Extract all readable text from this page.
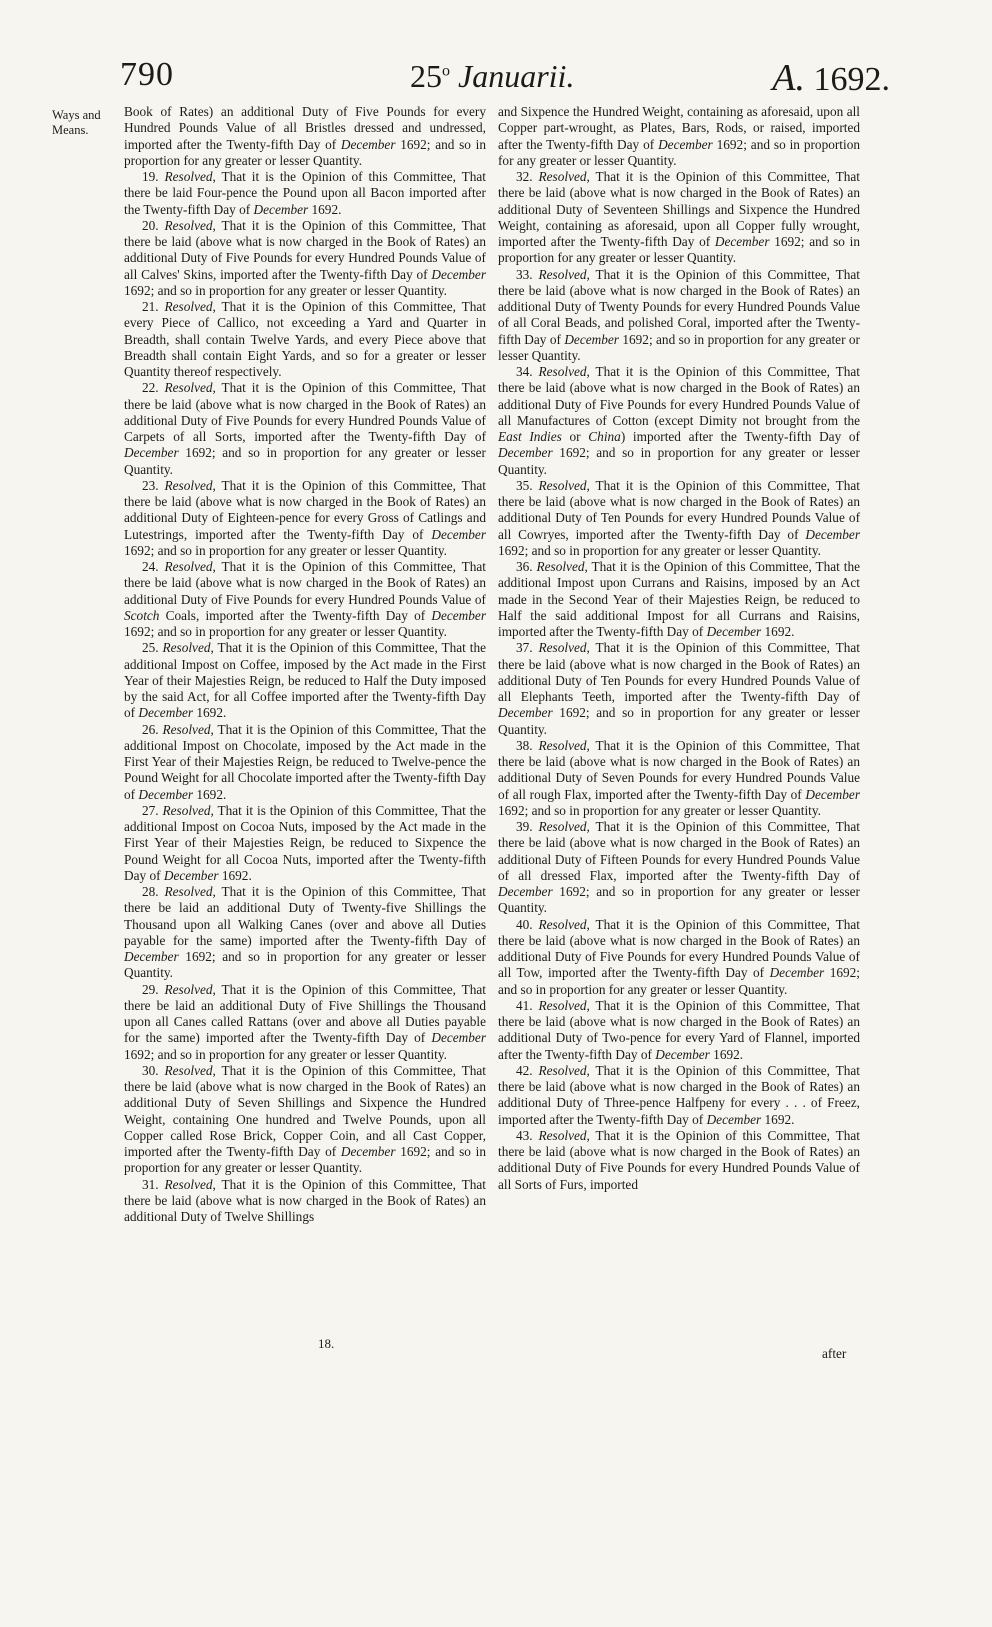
790	25$^o$ Januarii.	A. 1692.
Ways and
Means.

Book of Rates) an additional Duty of Five Pounds for every Hundred Pounds Value of all Bristles dressed and undressed, imported after the Twenty-fifth Day of December 1692; and so in proportion for any greater or lesser Quantity.

19. Resolved, That it is the Opinion of this Committee, That there be laid Four-pence the Pound upon all Bacon imported after the Twenty-fifth Day of December 1692.

20. Resolved, That it is the Opinion of this Committee, That there be laid (above what is now charged in the Book of Rates) an additional Duty of Five Pounds for every Hundred Pounds Value of all Calves' Skins, imported after the Twenty-fifth Day of December 1692; and so in proportion for any greater or lesser Quantity.

21. Resolved, That it is the Opinion of this Committee, That every Piece of Callico, not exceeding a Yard and Quarter in Breadth, shall contain Twelve Yards, and every Piece above that Breadth shall contain Eight Yards, and so for a greater or lesser Quantity thereof respectively.

22. Resolved, That it is the Opinion of this Committee, That there be laid (above what is now charged in the Book of Rates) an additional Duty of Five Pounds for every Hundred Pounds Value of Carpets of all Sorts, imported after the Twenty-fifth Day of December 1692; and so in proportion for any greater or lesser Quantity.

23. Resolved, That it is the Opinion of this Committee, That there be laid (above what is now charged in the Book of Rates) an additional Duty of Eighteen-pence for every Gross of Catlings and Lutestrings, imported after the Twenty-fifth Day of December 1692; and so in proportion for any greater or lesser Quantity.

24. Resolved, That it is the Opinion of this Committee, That there be laid (above what is now charged in the Book of Rates) an additional Duty of Five Pounds for every Hundred Pounds Value of Scotch Coals, imported after the Twenty-fifth Day of December 1692; and so in proportion for any greater or lesser Quantity.

25. Resolved, That it is the Opinion of this Committee, That the additional Impost on Coffee, imposed by the Act made in the First Year of their Majesties Reign, be reduced to Half the Duty imposed by the said Act, for all Coffee imported after the Twenty-fifth Day of December 1692.

26. Resolved, That it is the Opinion of this Committee, That the additional Impost on Chocolate, imposed by the Act made in the First Year of their Majesties Reign, be reduced to Twelve-pence the Pound Weight for all Chocolate imported after the Twenty-fifth Day of December 1692.

27. Resolved, That it is the Opinion of this Committee, That the additional Impost on Cocoa Nuts, imposed by the Act made in the First Year of their Majesties Reign, be reduced to Sixpence the Pound Weight for all Cocoa Nuts, imported after the Twenty-fifth Day of December 1692.

28. Resolved, That it is the Opinion of this Committee, That there be laid an additional Duty of Twenty-five Shillings the Thousand upon all Walking Canes (over and above all Duties payable for the same) imported after the Twenty-fifth Day of December 1692; and so in proportion for any greater or lesser Quantity.

29. Resolved, That it is the Opinion of this Committee, That there be laid an additional Duty of Five Shillings the Thousand upon all Canes called Rattans (over and above all Duties payable for the same) imported after the Twenty-fifth Day of December 1692; and so in proportion for any greater or lesser Quantity.

30. Resolved, That it is the Opinion of this Committee, That there be laid (above what is now charged in the Book of Rates) an additional Duty of Seven Shillings and Sixpence the Hundred Weight, containing One hundred and Twelve Pounds, upon all Copper called Rose Brick, Copper Coin, and all Cast Copper, imported after the Twenty-fifth Day of December 1692; and so in proportion for any greater or lesser Quantity.

31. Resolved, That it is the Opinion of this Committee, That there be laid (above what is now charged in the Book of Rates) an additional Duty of Twelve Shillings

and Sixpence the Hundred Weight, containing as aforesaid, upon all Copper part-wrought, as Plates, Bars, Rods, or raised, imported after the Twenty-fifth Day of December 1692; and so in proportion for any greater or lesser Quantity.

32. Resolved, That it is the Opinion of this Committee, That there be laid (above what is now charged in the Book of Rates) an additional Duty of Seventeen Shillings and Sixpence the Hundred Weight, containing as aforesaid, upon all Copper fully wrought, imported after the Twenty-fifth Day of December 1692; and so in proportion for any greater or lesser Quantity.

33. Resolved, That it is the Opinion of this Committee, That there be laid (above what is now charged in the Book of Rates) an additional Duty of Twenty Pounds for every Hundred Pounds Value of all Coral Beads, and polished Coral, imported after the Twenty-fifth Day of December 1692; and so in proportion for any greater or lesser Quantity.

34. Resolved, That it is the Opinion of this Committee, That there be laid (above what is now charged in the Book of Rates) an additional Duty of Five Pounds for every Hundred Pounds Value of all Manufactures of Cotton (except Dimity not brought from the East Indies or China) imported after the Twenty-fifth Day of December 1692; and so in proportion for any greater or lesser Quantity.

35. Resolved, That it is the Opinion of this Committee, That there be laid (above what is now charged in the Book of Rates) an additional Duty of Ten Pounds for every Hundred Pounds Value of all Cowryes, imported after the Twenty-fifth Day of December 1692; and so in proportion for any greater or lesser Quantity.

36. Resolved, That it is the Opinion of this Committee, That the additional Impost upon Currans and Raisins, imposed by an Act made in the Second Year of their Majesties Reign, be reduced to Half the said additional Impost for all Currans and Raisins, imported after the Twenty-fifth Day of December 1692.

37. Resolved, That it is the Opinion of this Committee, That there be laid (above what is now charged in the Book of Rates) an additional Duty of Ten Pounds for every Hundred Pounds Value of all Elephants Teeth, imported after the Twenty-fifth Day of December 1692; and so in proportion for any greater or lesser Quantity.

38. Resolved, That it is the Opinion of this Committee, That there be laid (above what is now charged in the Book of Rates) an additional Duty of Seven Pounds for every Hundred Pounds Value of all rough Flax, imported after the Twenty-fifth Day of December 1692; and so in proportion for any greater or lesser Quantity.

39. Resolved, That it is the Opinion of this Committee, That there be laid (above what is now charged in the Book of Rates) an additional Duty of Fifteen Pounds for every Hundred Pounds Value of all dressed Flax, imported after the Twenty-fifth Day of December 1692; and so in proportion for any greater or lesser Quantity.

40. Resolved, That it is the Opinion of this Committee, That there be laid (above what is now charged in the Book of Rates) an additional Duty of Five Pounds for every Hundred Pounds Value of all Tow, imported after the Twenty-fifth Day of December 1692; and so in proportion for any greater or lesser Quantity.

41. Resolved, That it is the Opinion of this Committee, That there be laid (above what is now charged in the Book of Rates) an additional Duty of Two-pence for every Yard of Flannel, imported after the Twenty-fifth Day of December 1692.

42. Resolved, That it is the Opinion of this Committee, That there be laid (above what is now charged in the Book of Rates) an additional Duty of Three-pence Halfpeny for every . . . of Freez, imported after the Twenty-fifth Day of December 1692.

43. Resolved, That it is the Opinion of this Committee, That there be laid (above what is now charged in the Book of Rates) an additional Duty of Five Pounds for every Hundred Pounds Value of all Sorts of Furs, imported

18.
after
